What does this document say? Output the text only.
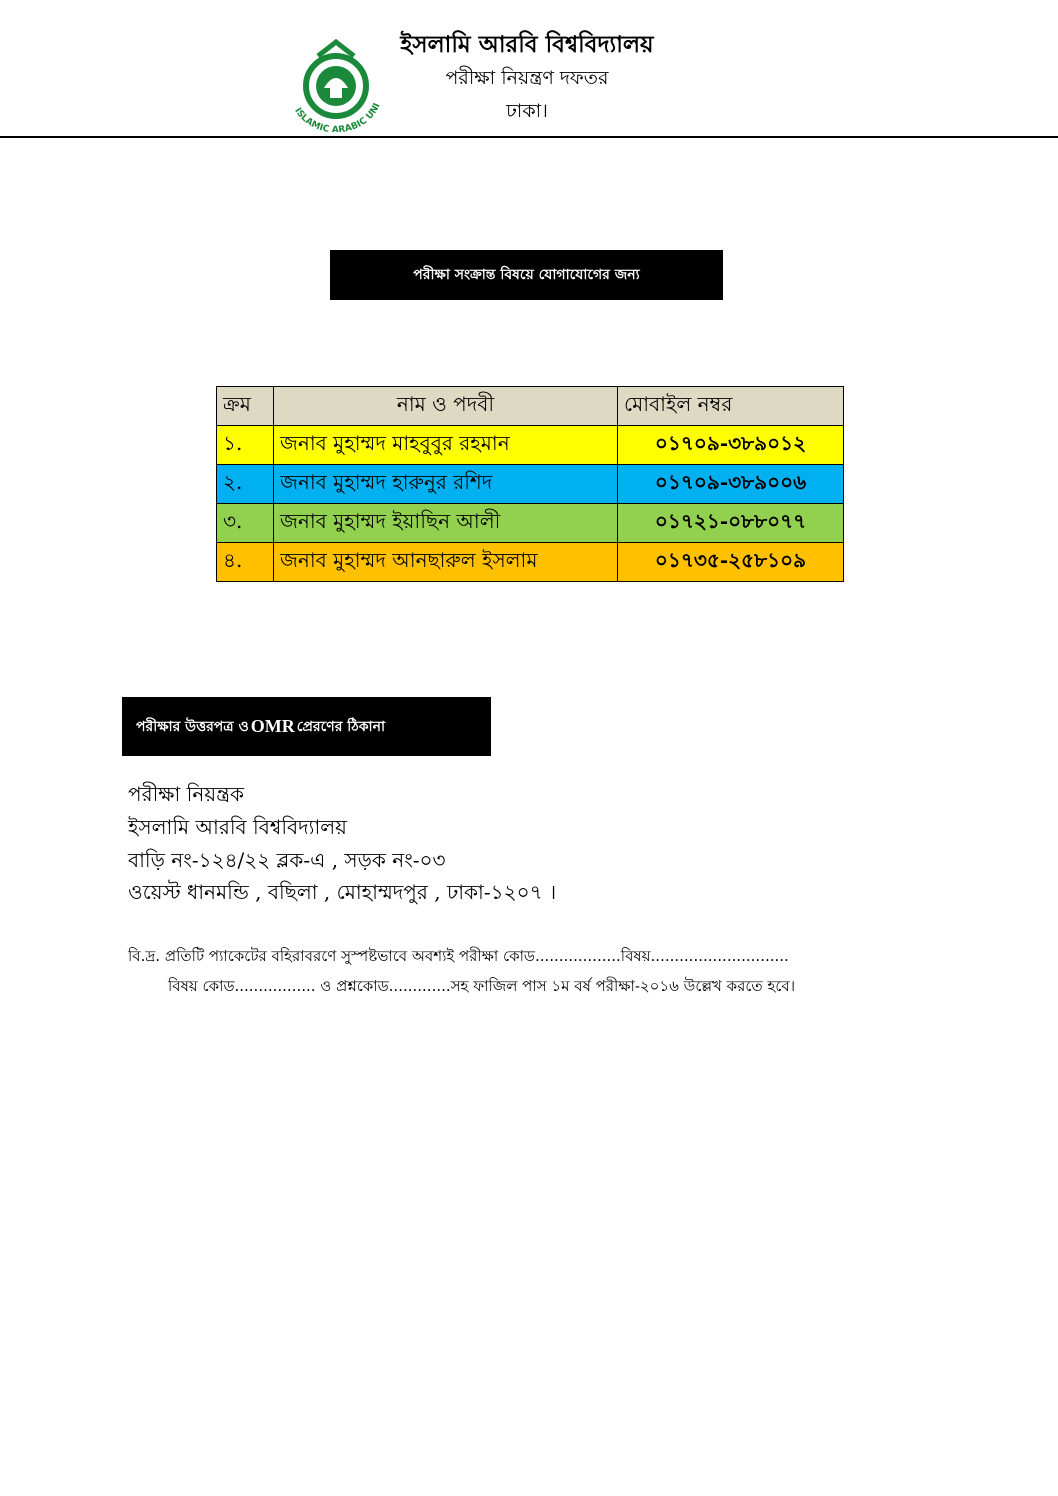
ISLAMIC ARABIC UNI
ইসলামি আরবি বিশ্ববিদ্যালয়
পরীক্ষা নিয়ন্ত্রণ দফতর
ঢাকা।
পরীক্ষা সংক্রান্ত বিষয়ে যোগাযোগের জন্য
ক্রম	নাম ও পদবী	মোবাইল নম্বর
১.	জনাব মুহাম্মদ মাহবুবুর রহমান	০১৭০৯-৩৮৯০১২
২.	জনাব মুহাম্মদ হারুনুর রশিদ	০১৭০৯-৩৮৯০০৬
৩.	জনাব মুহাম্মদ ইয়াছিন আলী	০১৭২১-০৮৮০৭৭
৪.	জনাব মুহাম্মদ আনছারুল ইসলাম	০১৭৩৫-২৫৮১০৯
পরীক্ষার উত্তরপত্র ও OMR প্রেরণের ঠিকানা
পরীক্ষা নিয়ন্ত্রক
ইসলামি আরবি বিশ্ববিদ্যালয়
বাড়ি নং-১২৪/২২ ব্লক-এ , সড়ক নং-০৩
ওয়েস্ট ধানমন্ডি , বছিলা , মোহাম্মদপুর , ঢাকা-১২০৭ ।
বি.দ্র. প্রতিটি প্যাকেটের বহিরাবরণে সুস্পষ্টভাবে অবশ্যই পরীক্ষা কোড..................বিষয়.............................
বিষয় কোড................. ও প্রশ্নকোড.............সহ ফাজিল পাস ১ম বর্ষ পরীক্ষা-২০১৬ উল্লেখ করতে হবে।
